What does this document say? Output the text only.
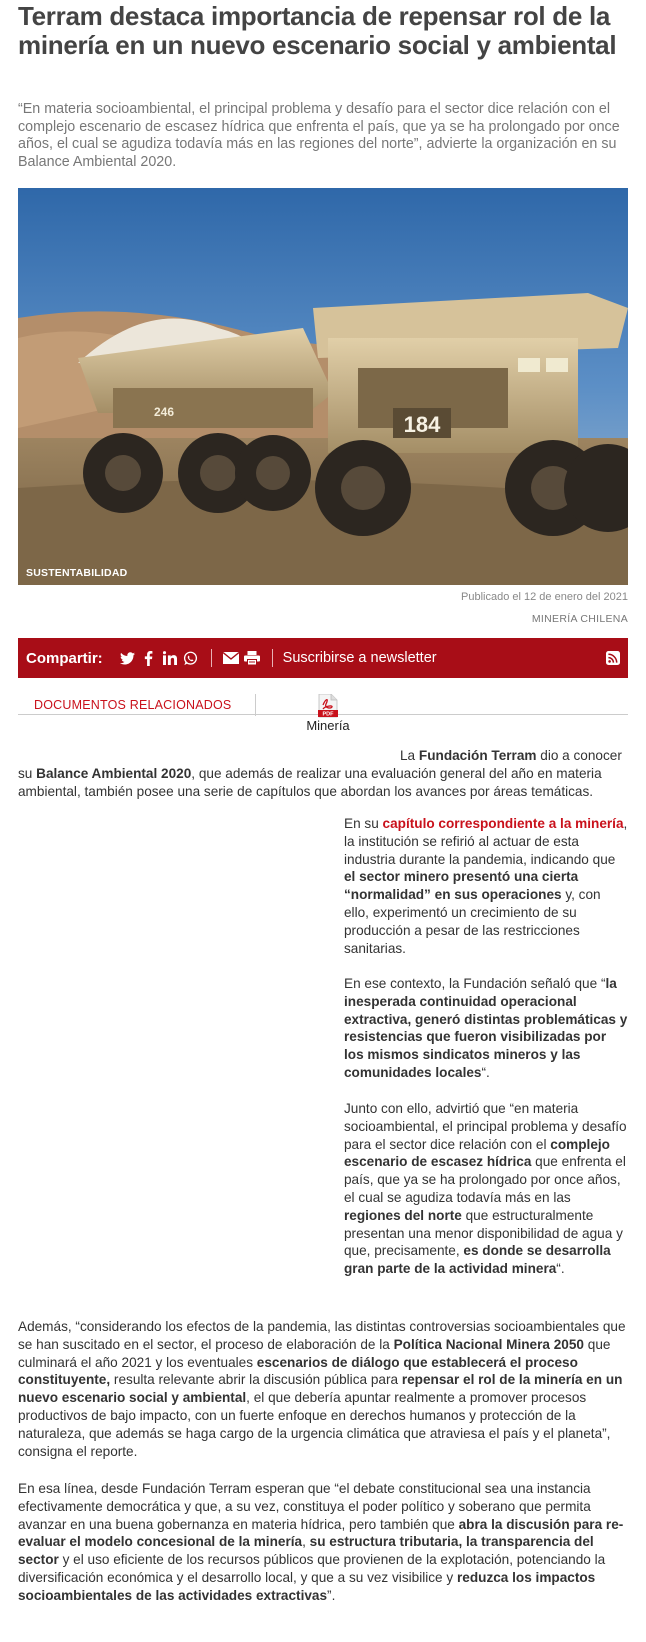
Terram destaca importancia de repensar rol de la minería en un nuevo escenario social y ambiental

“En materia socioambiental, el principal problema y desafío para el sector dice relación con el complejo escenario de escasez hídrica que enfrenta el país, que ya se ha prolongado por once años, el cual se agudiza todavía más en las regiones del norte”, advierte la organización en su Balance Ambiental 2020.

246	184
SUSTENTABILIDAD
Publicado el 12 de enero del 2021
MINERÍA CHILENA
Compartir:	Suscribirse a newsletter
DOCUMENTOS RELACIONADOS
PDF
Minería

La Fundación Terram dio a conocer su Balance Ambiental 2020, que además de realizar una evaluación general del año en materia ambiental, también posee una serie de capítulos que abordan los avances por áreas temáticas.

En su capítulo correspondiente a la minería, la institución se refirió al actuar de esta industria durante la pandemia, indicando que el sector minero presentó una cierta “normalidad” en sus operaciones y, con ello, experimentó un crecimiento de su producción a pesar de las restricciones sanitarias.

En ese contexto, la Fundación señaló que “la inesperada continuidad operacional extractiva, generó distintas problemáticas y resistencias que fueron visibilizadas por los mismos sindicatos mineros y las comunidades locales“.

Junto con ello, advirtió que “en materia socioambiental, el principal problema y desafío para el sector dice relación con el complejo escenario de escasez hídrica que enfrenta el país, que ya se ha prolongado por once años, el cual se agudiza todavía más en las regiones del norte que estructuralmente presentan una menor disponibilidad de agua y que, precisamente, es donde se desarrolla gran parte de la actividad minera“.

Además, “considerando los efectos de la pandemia, las distintas controversias socioambientales que se han suscitado en el sector, el proceso de elaboración de la Política Nacional Minera 2050 que culminará el año 2021 y los eventuales escenarios de diálogo que establecerá el proceso constituyente, resulta relevante abrir la discusión pública para repensar el rol de la minería en un nuevo escenario social y ambiental, el que debería apuntar realmente a promover procesos productivos de bajo impacto, con un fuerte enfoque en derechos humanos y protección de la naturaleza, que además se haga cargo de la urgencia climática que atraviesa el país y el planeta”, consigna el reporte.

En esa línea, desde Fundación Terram esperan que “el debate constitucional sea una instancia efectivamente democrática y que, a su vez, constituya el poder político y soberano que permita avanzar en una buena gobernanza en materia hídrica, pero también que abra la discusión para re-evaluar el modelo concesional de la minería, su estructura tributaria, la transparencia del sector y el uso eficiente de los recursos públicos que provienen de la explotación, potenciando la diversificación económica y el desarrollo local, y que a su vez visibilice y reduzca los impactos socioambientales de las actividades extractivas”.
